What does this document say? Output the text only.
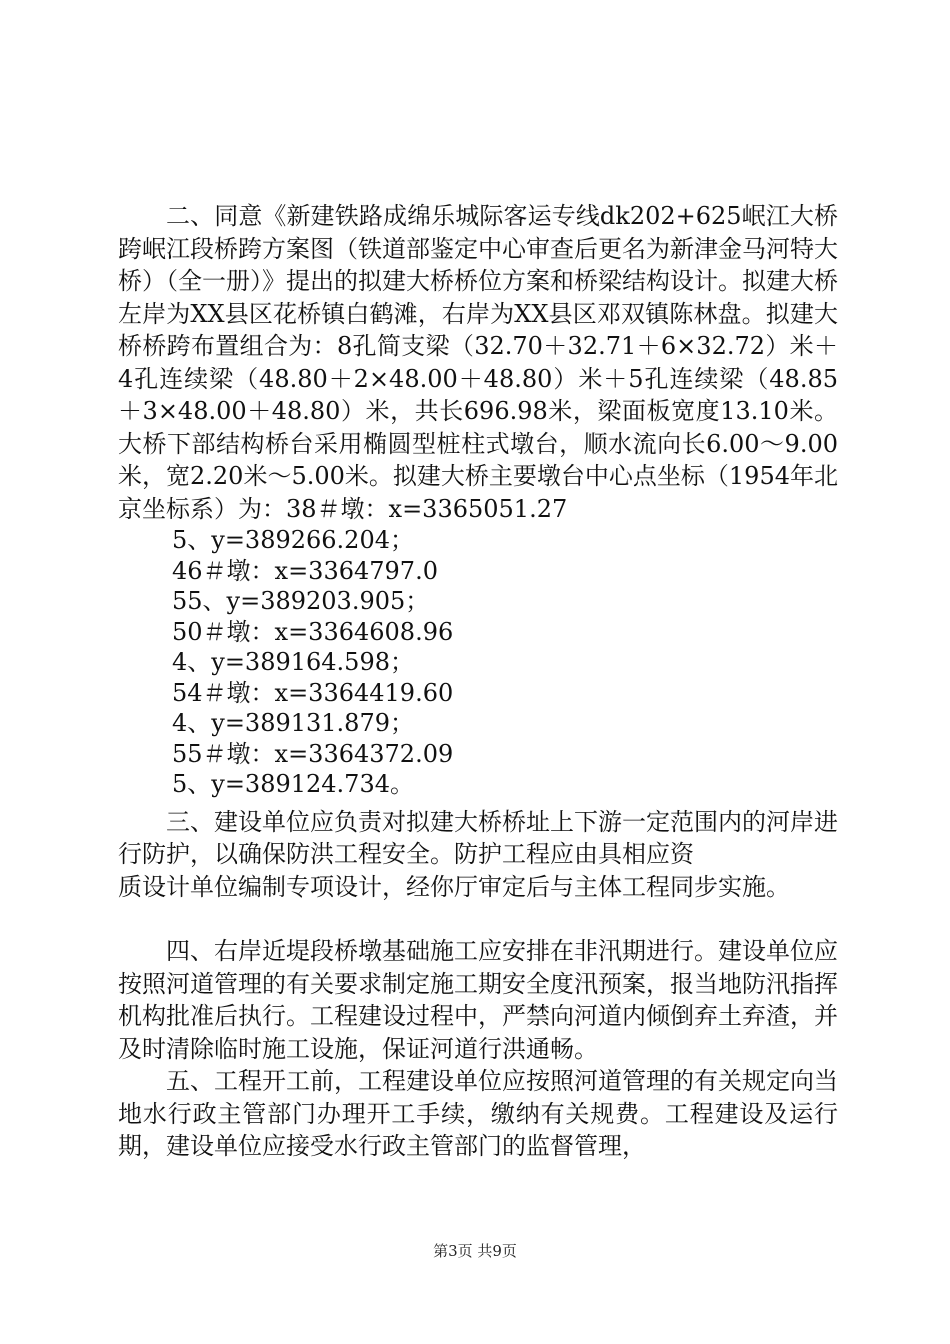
二、同意《新建铁路成绵乐城际客运专线dk202+625岷江大桥跨岷江段桥跨方案图（铁道部鉴定中心审查后更名为新津金马河特大桥）（全一册）》提出的拟建大桥桥位方案和桥梁结构设计。拟建大桥左岸为XX县区花桥镇白鹤滩，右岸为XX县区邓双镇陈林盘。拟建大桥桥跨布置组合为：8孔简支梁（32.70＋32.71＋6×32.72）米＋4孔连续梁（48.80＋2×48.00＋48.80）米＋5孔连续梁（48.85＋3×48.00＋48.80）米，共长696.98米，梁面板宽度13.10米。大桥下部结构桥台采用椭圆型桩柱式墩台，顺水流向长6.00～9.00米，宽2.20米～5.00米。拟建大桥主要墩台中心点坐标（1954年北京坐标系）为：38＃墩：x=3365051.27

5、y=389266.204；

46＃墩：x=3364797.0

55、y=389203.905；

50＃墩：x=3364608.96

4、y=389164.598；

54＃墩：x=3364419.60

4、y=389131.879；

55＃墩：x=3364372.09

5、y=389124.734。

三、建设单位应负责对拟建大桥桥址上下游一定范围内的河岸进行防护，以确保防洪工程安全。防护工程应由具相应资
质设计单位编制专项设计，经你厅审定后与主体工程同步实施。

四、右岸近堤段桥墩基础施工应安排在非汛期进行。建设单位应按照河道管理的有关要求制定施工期安全度汛预案，报当地防汛指挥机构批准后执行。工程建设过程中，严禁向河道内倾倒弃土弃渣，并及时清除临时施工设施，保证河道行洪通畅。

五、工程开工前，工程建设单位应按照河道管理的有关规定向当地水行政主管部门办理开工手续，缴纳有关规费。工程建设及运行期，建设单位应接受水行政主管部门的监督管理，

第3页 共9页
